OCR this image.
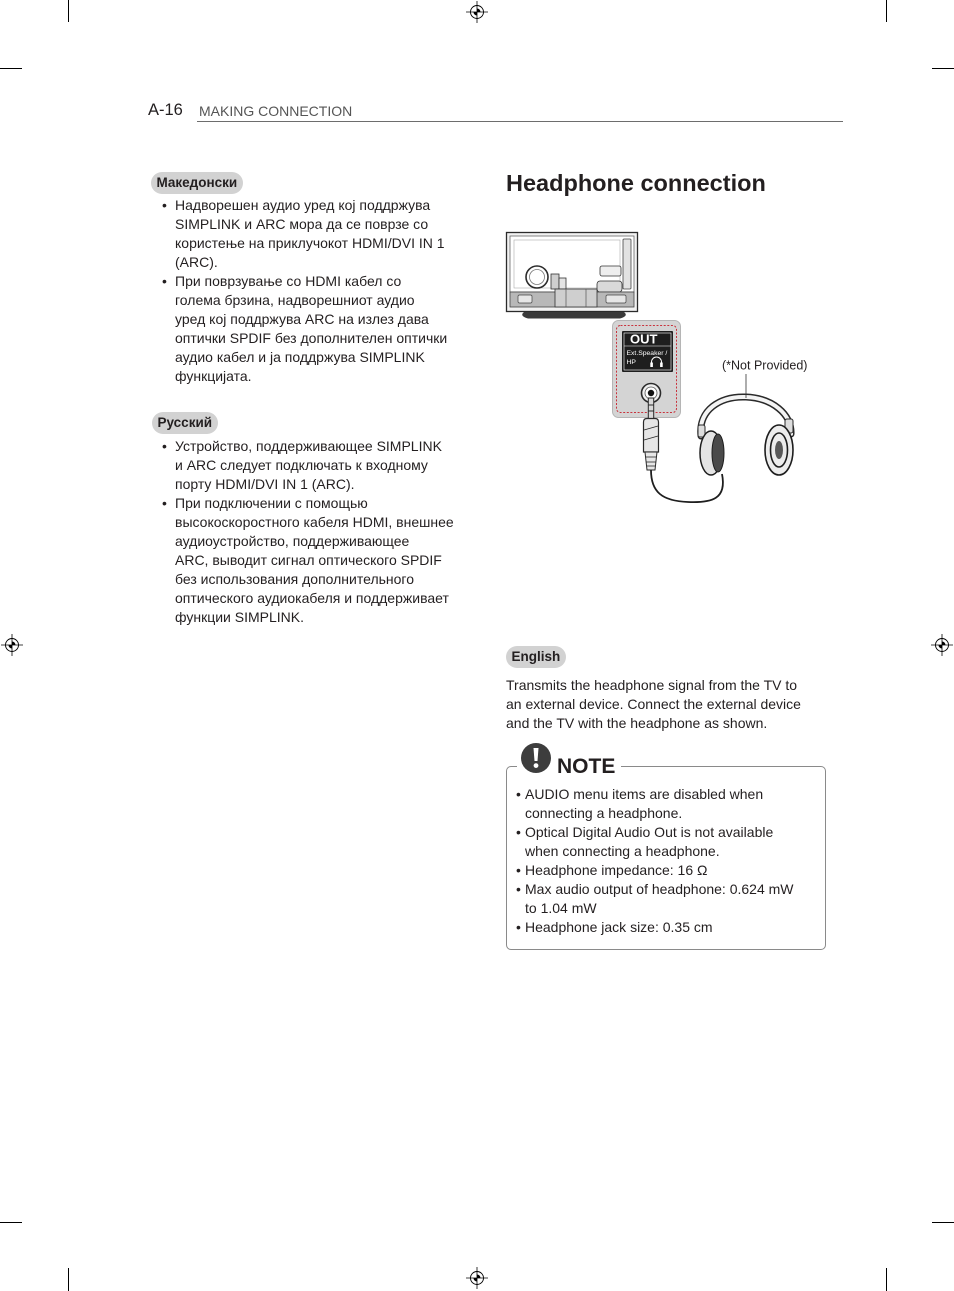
A-16 MAKING CONNECTION
Македонски
• Надворешен аудио уред кој поддржува
SIMPLINK и ARC мора да се поврзе со
користење на приклучокот HDMI/DVI IN 1
(ARC).
• При поврзување со HDMI кабел со
голема брзина, надворешниот аудио
уред кој поддржува ARC на излез дава
оптички SPDIF без дополнителен оптички
аудио кабел и ја поддржува SIMPLINK
функцијата.
Русский
• Устройство, поддерживающее SIMPLINK
и ARC следует подключать к входному
порту HDMI/DVI IN 1 (ARC).
• При подключении с помощью
высокоскоростного кабеля HDMI, внешнее
аудиоустройство, поддерживающее
ARC, выводит сигнал оптического SPDIF
без использования дополнительного
оптического аудиокабеля и поддерживает
функции SIMPLINK.
Headphone connection
OUT
Ext.Speaker /
HP	(*Not Provided)
English
Transmits the headphone signal from the TV to
an external device. Connect the external device
and the TV with the headphone as shown.
NOTE
• AUDIO menu items are disabled when
connecting a headphone.
• Optical Digital Audio Out is not available
when connecting a headphone.
• Headphone impedance: 16 Ω
• Max audio output of headphone: 0.624 mW
to 1.04 mW
• Headphone jack size: 0.35 cm
